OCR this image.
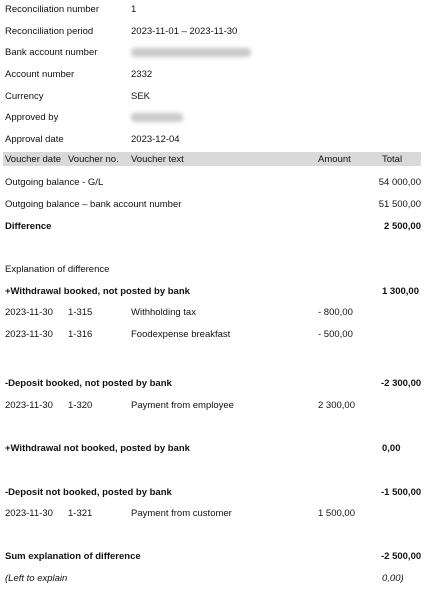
Reconciliation number	1
Reconciliation period	2023-11-01 – 2023-11-30
Bank account number
Account number	2332
Currency	SEK
Approved by
Approval date	2023-12-04
Voucher date Voucher no. Voucher text	Amount	Total
Outgoing balance - G/L	54 000,00
Outgoing balance – bank account number	51 500,00
Difference	2 500,00
Explanation of difference
+Withdrawal booked, not posted by bank	1 300,00
2023-11-30 1-315	Withholding tax	- 800,00
2023-11-30 1-316	Foodexpense breakfast	- 500,00
-Deposit booked, not posted by bank	-2 300,00
2023-11-30 1-320	Payment from employee	2 300,00
+Withdrawal not booked, posted by bank	0,00
-Deposit not booked, posted by bank	-1 500,00
2023-11-30 1-321	Payment from customer	1 500,00
Sum explanation of difference	-2 500,00
(Left to explain	0,00)
